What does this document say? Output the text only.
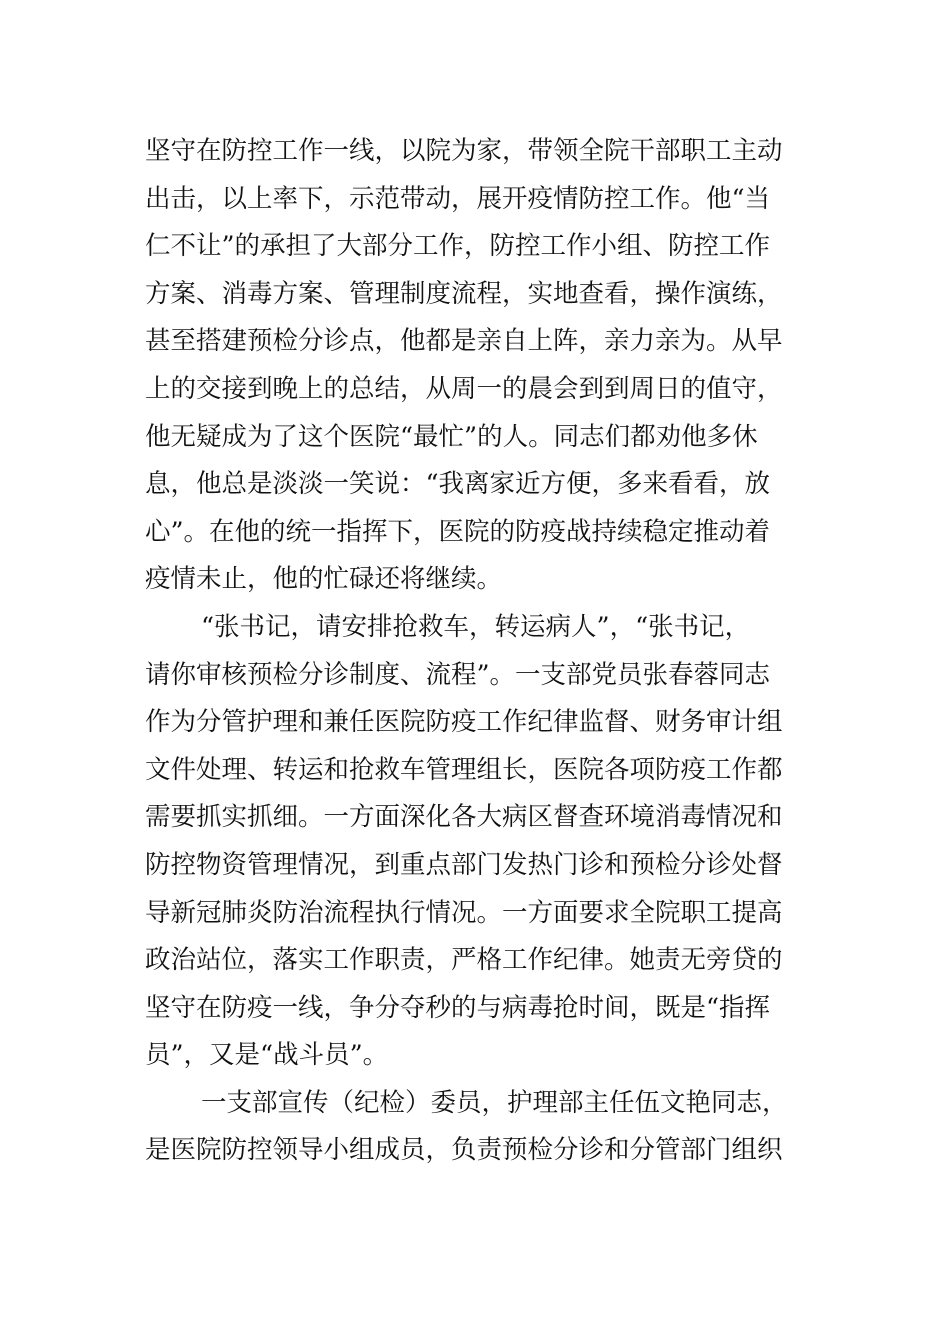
坚守在防控工作一线，以院为家，带领全院干部职工主动
出击，以上率下，示范带动，展开疫情防控工作。他“当
仁不让”的承担了大部分工作，防控工作小组、防控工作
方案、消毒方案、管理制度流程，实地查看，操作演练，
甚至搭建预检分诊点，他都是亲自上阵，亲力亲为。从早
上的交接到晚上的总结，从周一的晨会到到周日的值守，
他无疑成为了这个医院“最忙”的人。同志们都劝他多休
息，他总是淡淡一笑说：“我离家近方便，多来看看，放
心”。在他的统一指挥下，医院的防疫战持续稳定推动着
疫情未止，他的忙碌还将继续。
“张书记，请安排抢救车，转运病人”，“张书记，
请你审核预检分诊制度、流程”。一支部党员张春蓉同志
作为分管护理和兼任医院防疫工作纪律监督、财务审计组
文件处理、转运和抢救车管理组长，医院各项防疫工作都
需要抓实抓细。一方面深化各大病区督查环境消毒情况和
防控物资管理情况，到重点部门发热门诊和预检分诊处督
导新冠肺炎防治流程执行情况。一方面要求全院职工提高
政治站位，落实工作职责，严格工作纪律。她责无旁贷的
坚守在防疫一线，争分夺秒的与病毒抢时间，既是“指挥
员”，又是“战斗员”。
一支部宣传（纪检）委员，护理部主任伍文艳同志，
是医院防控领导小组成员，负责预检分诊和分管部门组织
